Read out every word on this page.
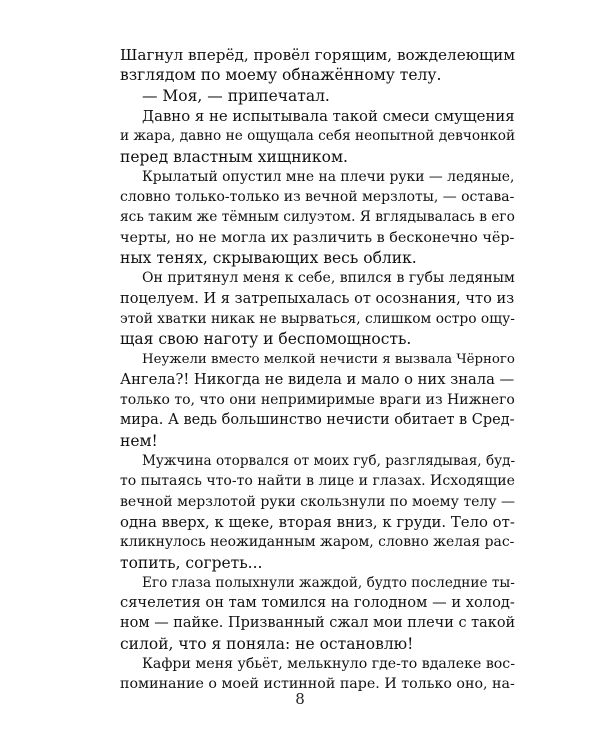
Шагнул вперёд, провёл горящим, вожделеющим
взглядом по моему обнажённому телу.
— Моя, — припечатал.
Давно я не испытывала такой смеси смущения
и жара, давно не ощущала себя неопытной девчонкой
перед властным хищником.
Крылатый опустил мне на плечи руки — ледяные,
словно только-только из вечной мерзлоты, — остава-
ясь таким же тёмным силуэтом. Я вглядывалась в его
черты, но не могла их различить в бесконечно чёр-
ных тенях, скрывающих весь облик.
Он притянул меня к себе, впился в губы ледяным
поцелуем. И я затрепыхалась от осознания, что из
этой хватки никак не вырваться, слишком остро ощу-
щая свою наготу и беспомощность.
Неужели вместо мелкой нечисти я вызвала Чёрного
Ангела?! Никогда не видела и мало о них знала —
только то, что они непримиримые враги из Нижнего
мира. А ведь большинство нечисти обитает в Сред-
нем!
Мужчина оторвался от моих губ, разглядывая, буд-
то пытаясь что-то найти в лице и глазах. Исходящие
вечной мерзлотой руки скользнули по моему телу —
одна вверх, к щеке, вторая вниз, к груди. Тело от-
кликнулось неожиданным жаром, словно желая рас-
топить, согреть...
Его глаза полыхнули жаждой, будто последние ты-
сячелетия он там томился на голодном — и холод-
ном — пайке. Призванный сжал мои плечи с такой
силой, что я поняла: не остановлю!
Кафри меня убьёт, мелькнуло где-то вдалеке вос-
поминание о моей истинной паре. И только оно, на-
8
